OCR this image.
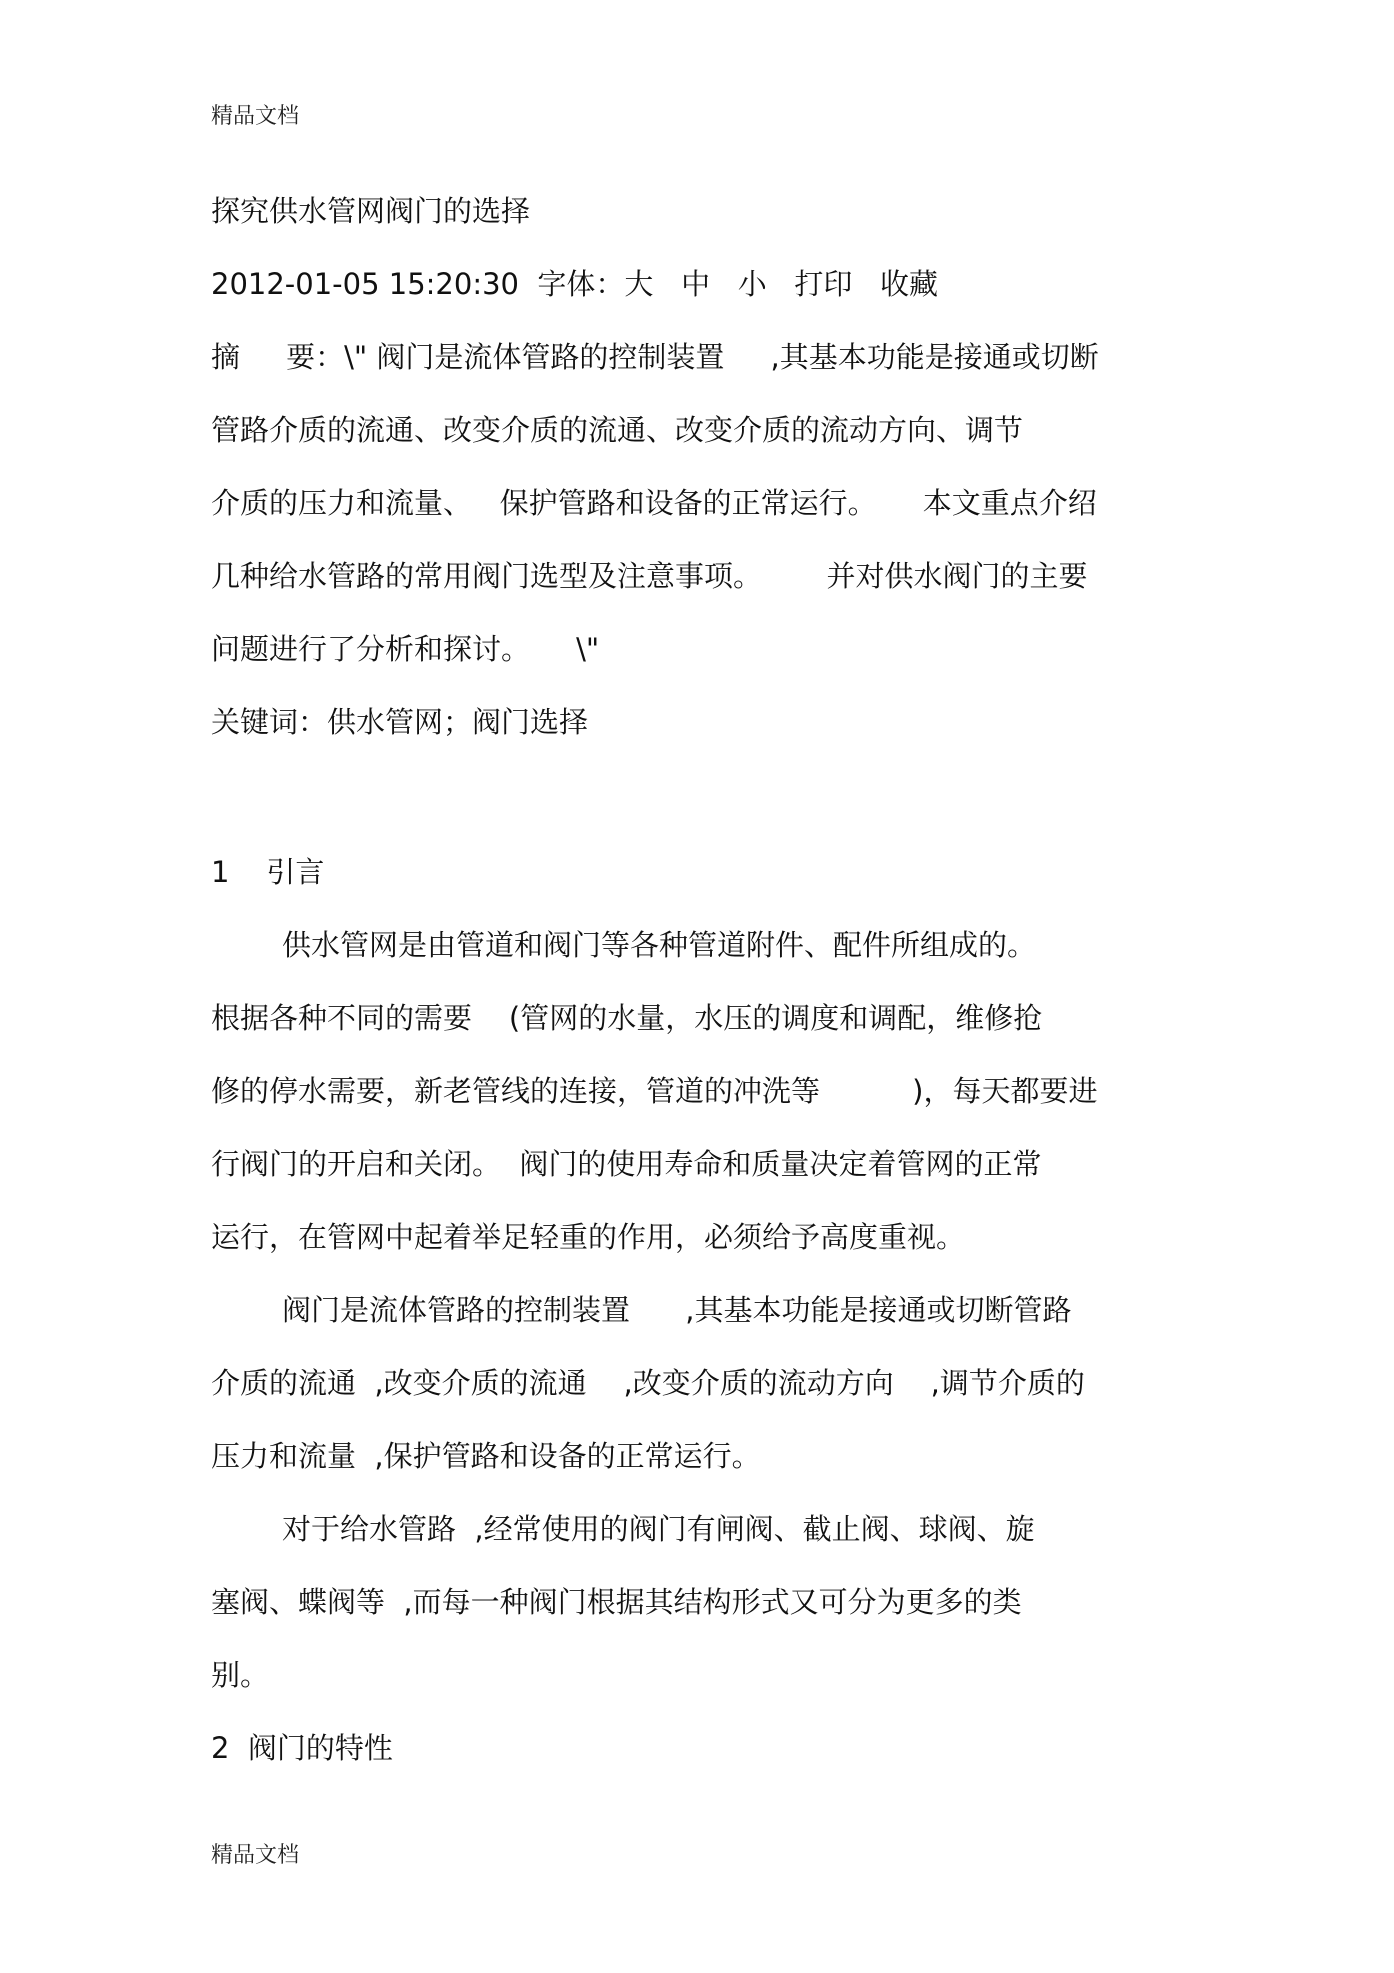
精品文档
探究供水管网阀门的选择
2012-01-05 15:20:30  字体：大   中   小   打印   收藏
摘     要：\" 阀门是流体管路的控制装置     ,其基本功能是接通或切断
管路介质的流通、改变介质的流通、改变介质的流动方向、调节
介质的压力和流量、   保护管路和设备的正常运行。     本文重点介绍
几种给水管路的常用阀门选型及注意事项。       并对供水阀门的主要
问题进行了分析和探讨。     \"
关键词：供水管网；阀门选择
1    引言
供水管网是由管道和阀门等各种管道附件、配件所组成的。
根据各种不同的需要    (管网的水量，水压的调度和调配，维修抢
修的停水需要，新老管线的连接，管道的冲洗等          )，每天都要进
行阀门的开启和关闭。  阀门的使用寿命和质量决定着管网的正常
运行，在管网中起着举足轻重的作用，必须给予高度重视。
阀门是流体管路的控制装置      ,其基本功能是接通或切断管路
介质的流通  ,改变介质的流通    ,改变介质的流动方向    ,调节介质的
压力和流量  ,保护管路和设备的正常运行。
对于给水管路  ,经常使用的阀门有闸阀、截止阀、球阀、旋
塞阀、蝶阀等  ,而每一种阀门根据其结构形式又可分为更多的类
别。
2  阀门的特性
精品文档
